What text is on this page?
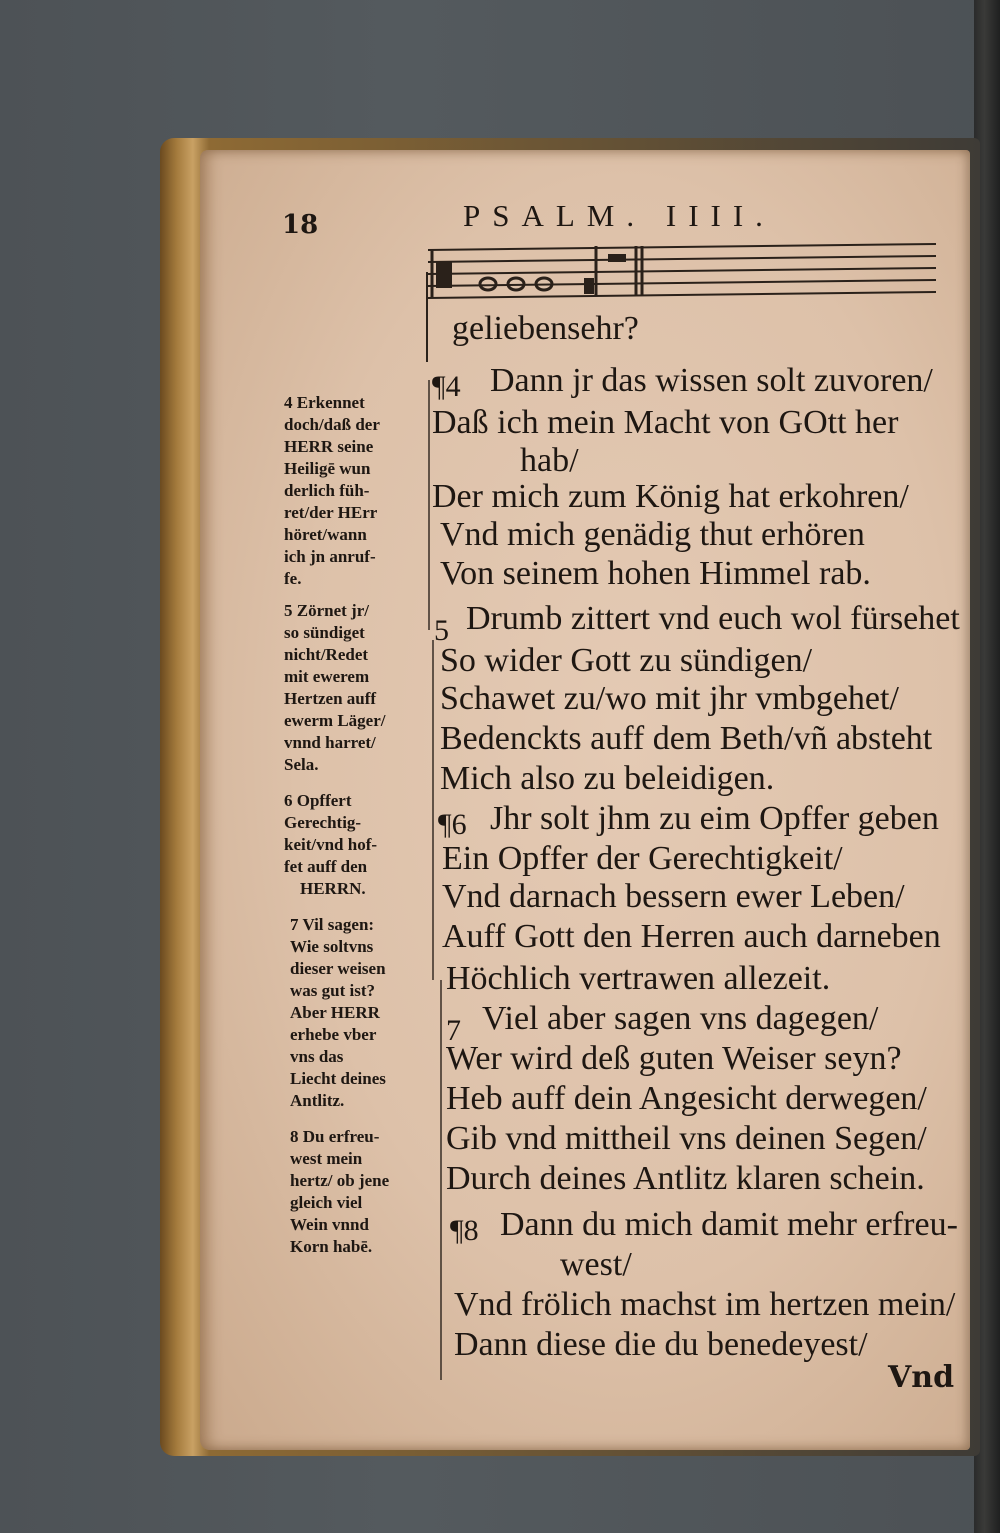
18	PSALM. IIII.
geliebensehr?
¶4 Dann jr das wissen solt zuvoren/
Daß ich mein Macht von GOtt her
hab/
Der mich zum König hat erkohren/
Vnd mich genädig thut erhören
Von seinem hohen Himmel rab.
5 Drumb zittert vnd euch wol fürsehet
So wider Gott zu sündigen/
Schawet zu/wo mit jhr vmbgehet/
Bedenckts auff dem Beth/vñ absteht
Mich also zu beleidigen.
¶6 Jhr solt jhm zu eim Opffer geben
Ein Opffer der Gerechtigkeit/
Vnd darnach bessern ewer Leben/
Auff Gott den Herren auch darneben
Höchlich vertrawen allezeit.
7 Viel aber sagen vns dagegen/
Wer wird deß guten Weiser seyn?
Heb auff dein Angesicht derwegen/
Gib vnd mittheil vns deinen Segen/
Durch deines Antlitz klaren schein.
¶8 Dann du mich damit mehr erfreu-
west/
Vnd frölich machst im hertzen mein/
Dann diese die du benedeyest/
Vnd
4 Erkennet
doch/daß der
HERR seine
Heiligē wun
derlich füh-
ret/der HErr
höret/wann
ich jn anruf-
fe.
5 Zörnet jr/
so sündiget
nicht/Redet
mit ewerem
Hertzen auff
ewerm Läger/
vnnd harret/
Sela.
6 Opffert
Gerechtig-
keit/vnd hof-
fet auff den
HERRN.
7 Vil sagen:
Wie soltvns
dieser weisen
was gut ist?
Aber HERR
erhebe vber
vns das
Liecht deines
Antlitz.
8 Du erfreu-
west mein
hertz/ ob jene
gleich viel
Wein vnnd
Korn habē.
